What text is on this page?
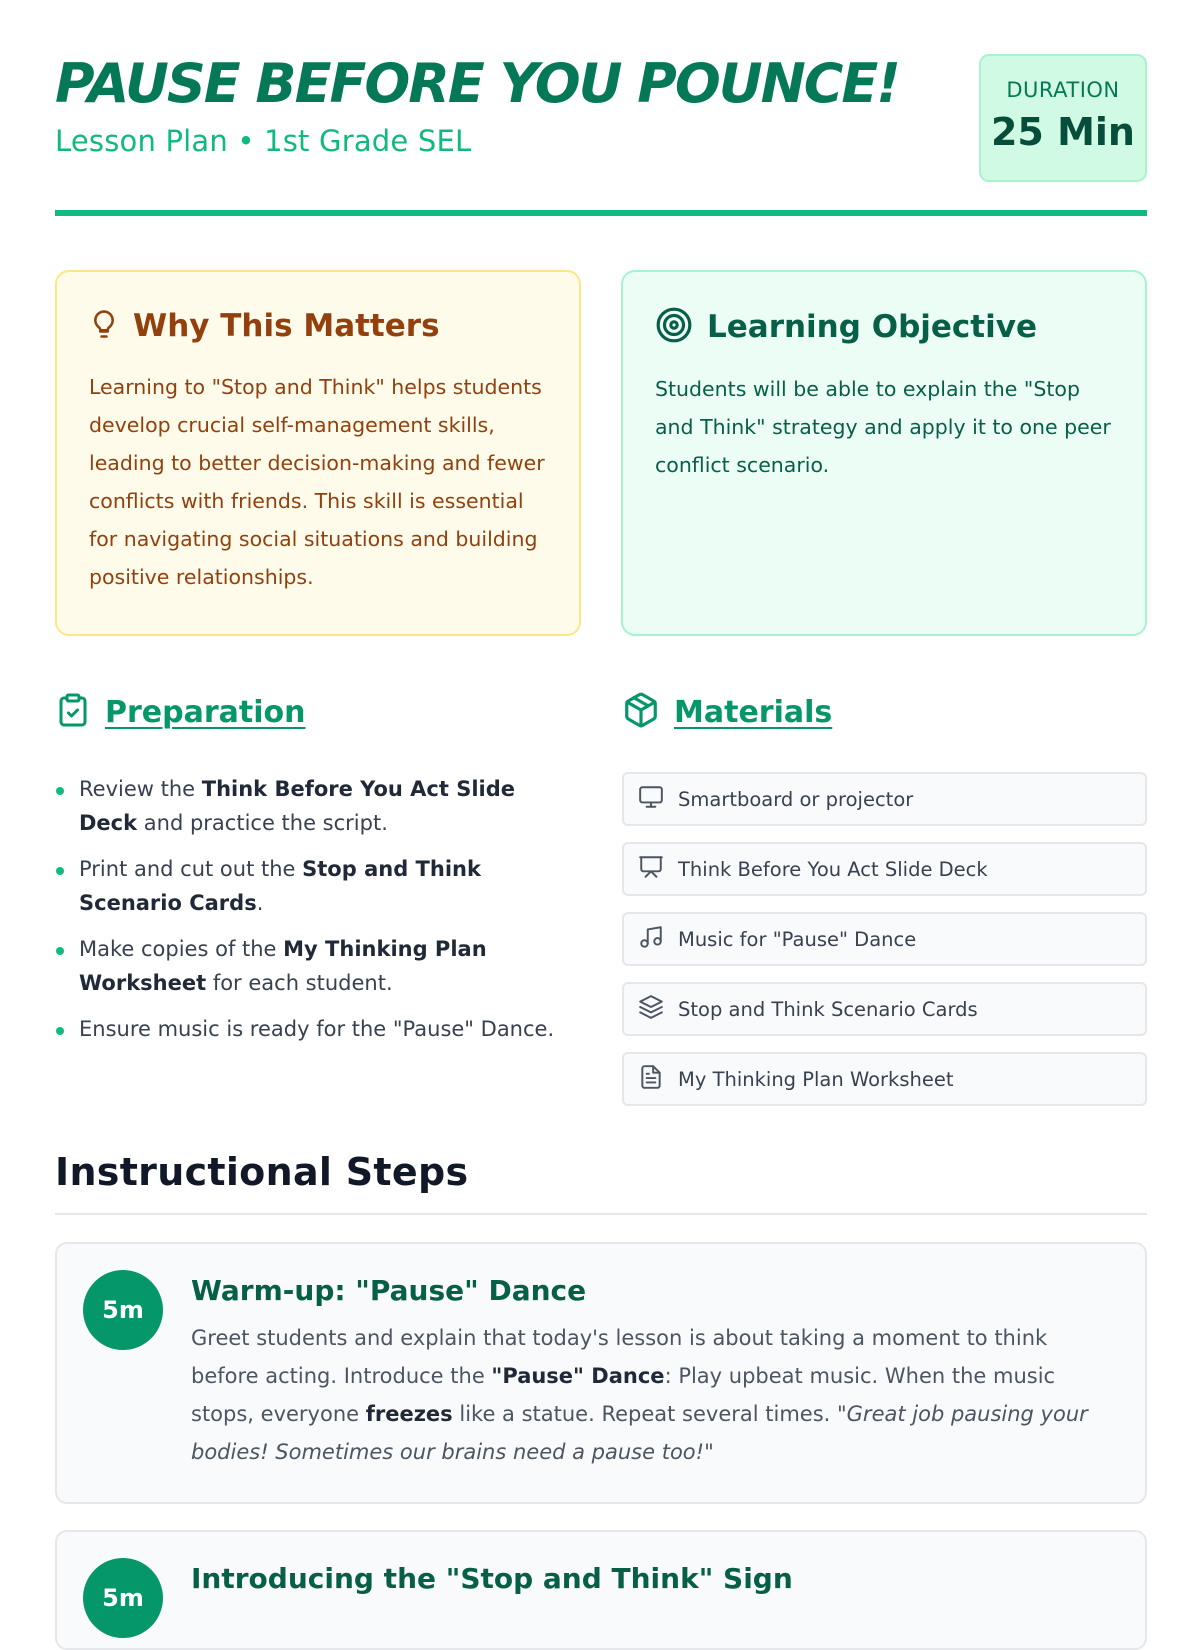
PAUSE BEFORE YOU POUNCE!
Lesson Plan • 1st Grade SEL
DURATION
25 Min
Why This Matters
Learning to "Stop and Think" helps students develop crucial self-management skills, leading to better decision-making and fewer conflicts with friends. This skill is essential for navigating social situations and building positive relationships.
Learning Objective
Students will be able to explain the "Stop and Think" strategy and apply it to one peer conflict scenario.
Preparation
Review the Think Before You Act Slide Deck and practice the script.
Print and cut out the Stop and Think Scenario Cards.
Make copies of the My Thinking Plan Worksheet for each student.
Ensure music is ready for the "Pause" Dance.
Materials
Smartboard or projector
Think Before You Act Slide Deck
Music for "Pause" Dance
Stop and Think Scenario Cards
My Thinking Plan Worksheet
Instructional Steps
5m
Warm-up: "Pause" Dance
Greet students and explain that today's lesson is about taking a moment to think before acting. Introduce the "Pause" Dance: Play upbeat music. When the music stops, everyone freezes like a statue. Repeat several times. "Great job pausing your bodies! Sometimes our brains need a pause too!"
5m
Introducing the "Stop and Think" Sign
